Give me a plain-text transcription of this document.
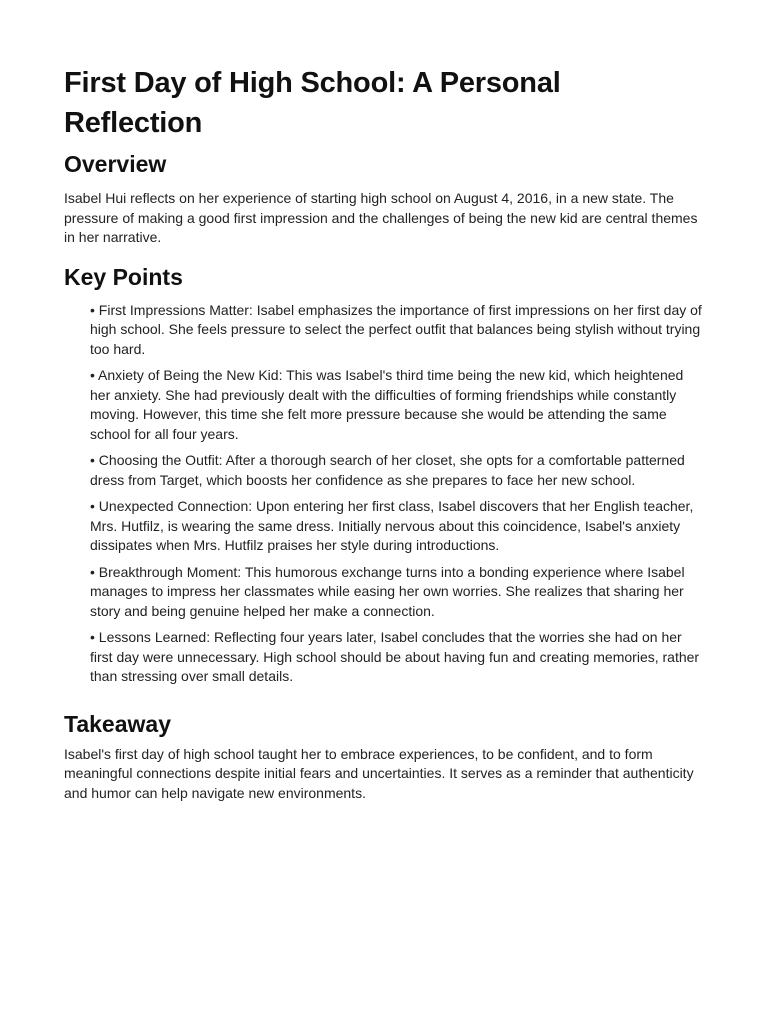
First Day of High School: A Personal Reflection
Overview

Isabel Hui reflects on her experience of starting high school on August 4, 2016, in a new state. The pressure of making a good first impression and the challenges of being the new kid are central themes in her narrative.

Key Points
• First Impressions Matter: Isabel emphasizes the importance of first impressions on her first day of high school. She feels pressure to select the perfect outfit that balances being stylish without trying too hard.
• Anxiety of Being the New Kid: This was Isabel's third time being the new kid, which heightened her anxiety. She had previously dealt with the difficulties of forming friendships while constantly moving. However, this time she felt more pressure because she would be attending the same school for all four years.
• Choosing the Outfit: After a thorough search of her closet, she opts for a comfortable patterned dress from Target, which boosts her confidence as she prepares to face her new school.
• Unexpected Connection: Upon entering her first class, Isabel discovers that her English teacher, Mrs. Hutfilz, is wearing the same dress. Initially nervous about this coincidence, Isabel's anxiety dissipates when Mrs. Hutfilz praises her style during introductions.
• Breakthrough Moment: This humorous exchange turns into a bonding experience where Isabel manages to impress her classmates while easing her own worries. She realizes that sharing her story and being genuine helped her make a connection.
• Lessons Learned: Reflecting four years later, Isabel concludes that the worries she had on her first day were unnecessary. High school should be about having fun and creating memories, rather than stressing over small details.
Takeaway

Isabel's first day of high school taught her to embrace experiences, to be confident, and to form meaningful connections despite initial fears and uncertainties. It serves as a reminder that authenticity and humor can help navigate new environments.
